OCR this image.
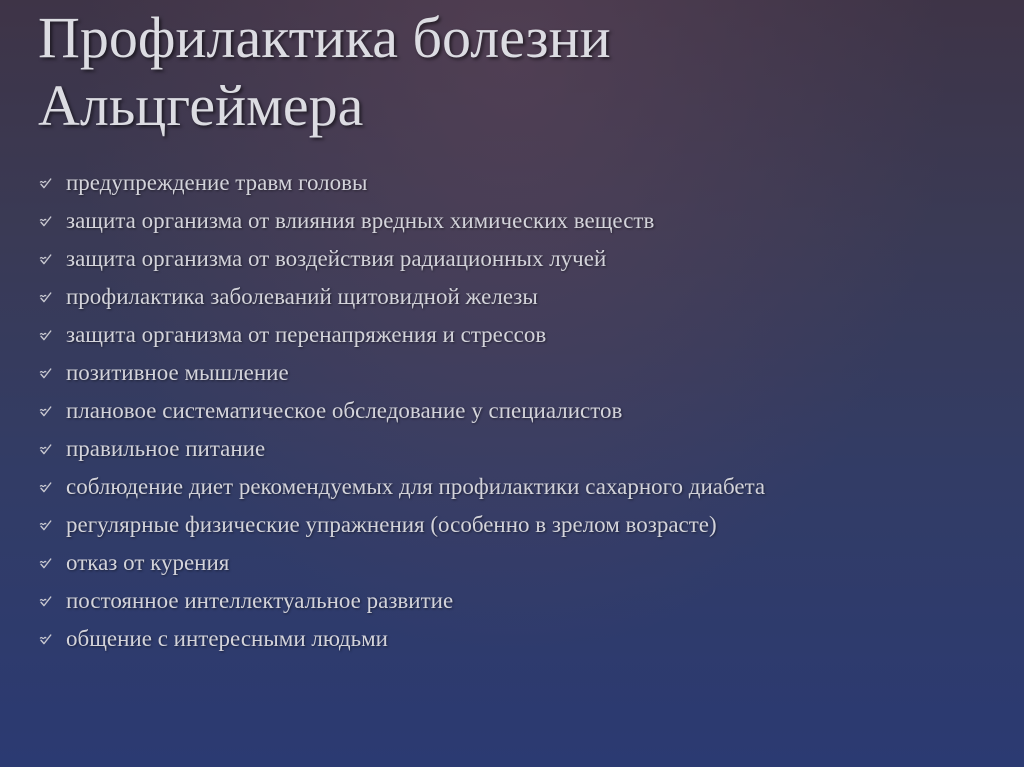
Профилактика болезни
Альцгеймера
предупреждение травм головы
защита организма от влияния вредных химических веществ
защита организма от воздействия радиационных лучей
профилактика заболеваний щитовидной железы
защита организма от перенапряжения и стрессов
позитивное мышление
плановое систематическое обследование у специалистов
правильное питание
соблюдение диет рекомендуемых для профилактики сахарного диабета
регулярные физические упражнения (особенно в зрелом возрасте)
отказ от курения
постоянное интеллектуальное развитие
общение с интересными людьми
